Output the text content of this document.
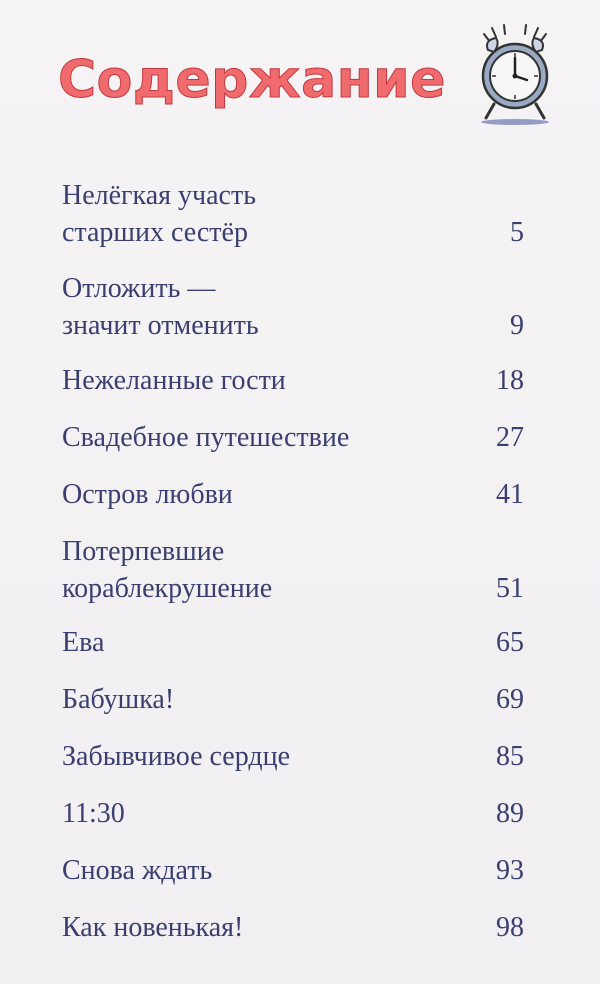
Содержание
Нелёгкая участь
старших сестёр	5
Отложить —
значит отменить	9
Нежеланные гости	18
Свадебное путешествие	27
Остров любви	41
Потерпевшие
кораблекрушение	51
Ева	65
Бабушка!	69
Забывчивое сердце	85
11:30	89
Снова ждать	93
Как новенькая!	98
